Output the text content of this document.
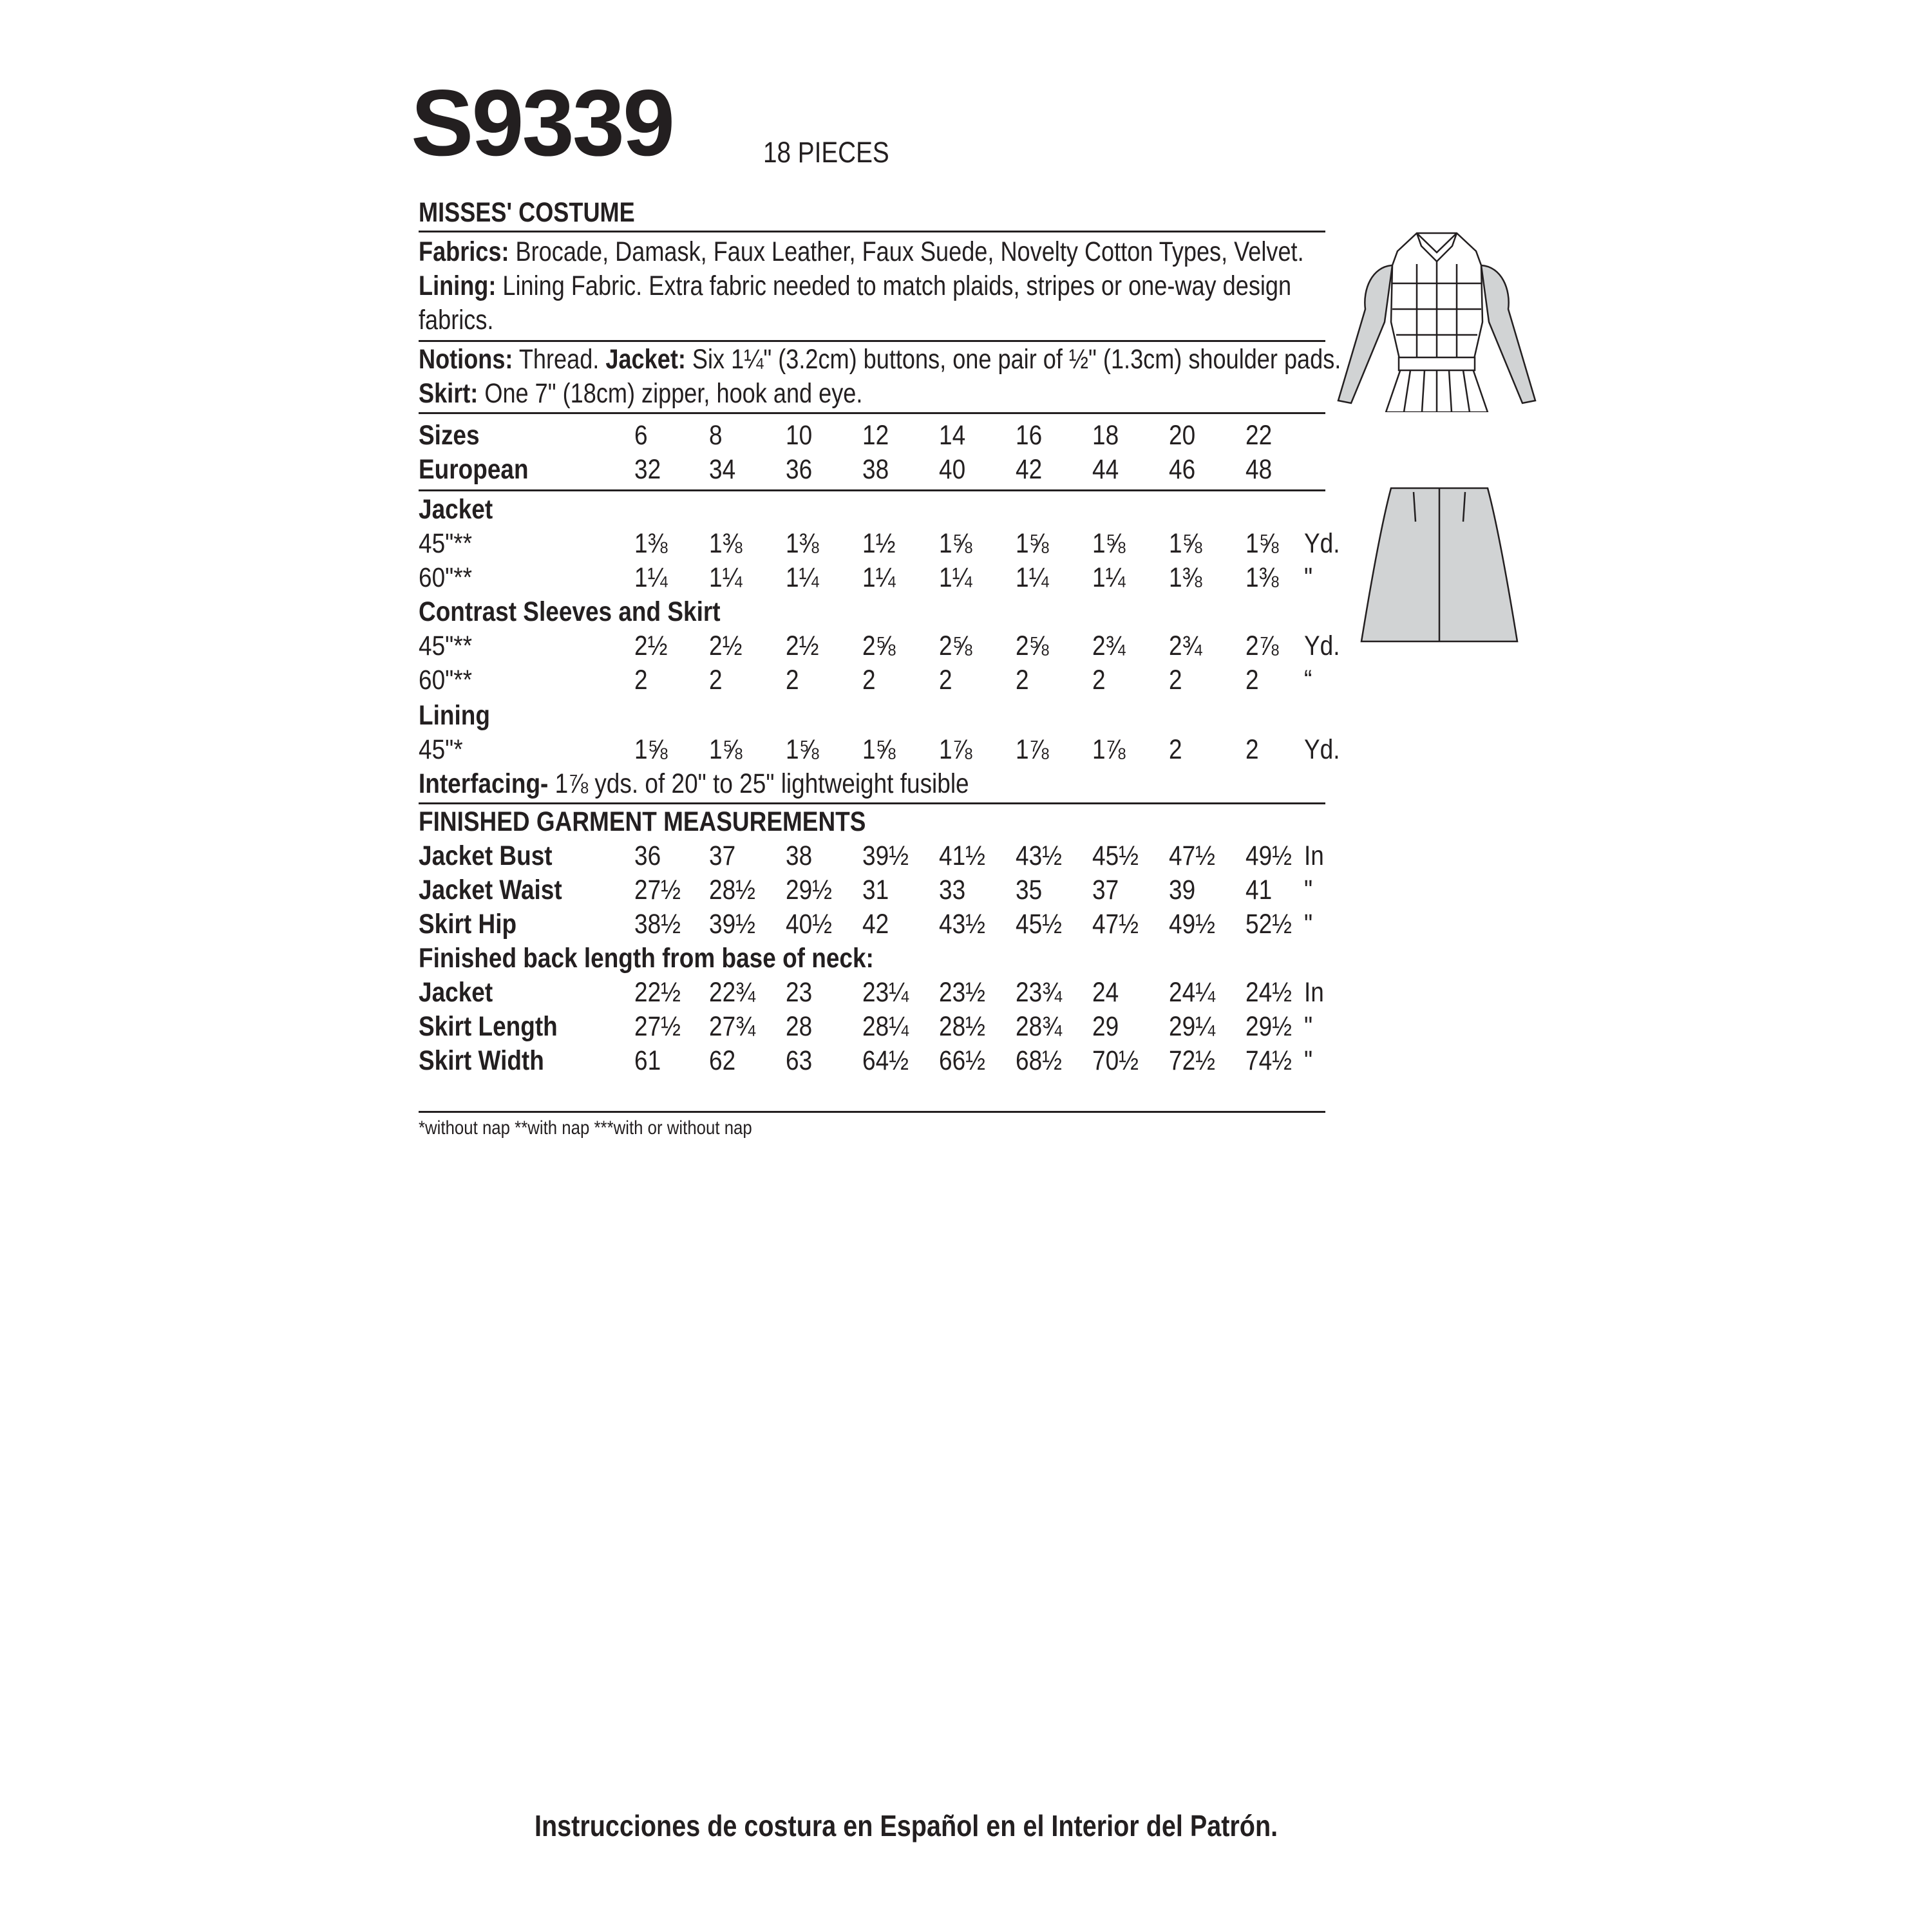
S9339	18 PIECES
MISSES' COSTUME
Fabrics: Brocade, Damask, Faux Leather, Faux Suede, Novelty Cotton Types, Velvet.
Lining: Lining Fabric. Extra fabric needed to match plaids, stripes or one-way design
fabrics.
Notions: Thread. Jacket: Six 1¼" (3.2cm) buttons, one pair of ½" (1.3cm) shoulder pads.
Skirt: One 7" (18cm) zipper, hook and eye.
Sizes	6 8 10 12 14 16 18 20 22
European	32 34 36 38 40 42 44 46 48
Jacket
45"**	1⅜ 1⅜ 1⅜ 1½ 1⅝ 1⅝ 1⅝ 1⅝ 1⅝ Yd.
60"**	1¼ 1¼ 1¼ 1¼ 1¼ 1¼ 1¼ 1⅜ 1⅜ "
Contrast Sleeves and Skirt
45"**	2½ 2½ 2½ 2⅝ 2⅝ 2⅝ 2¾ 2¾ 2⅞ Yd.
60"**	2 2 2 2 2 2 2 2 2 “
Lining
45"*	1⅝ 1⅝ 1⅝ 1⅝ 1⅞ 1⅞ 1⅞ 2 2 Yd.
Interfacing- 1⅞ yds. of 20" to 25" lightweight fusible
FINISHED GARMENT MEASUREMENTS
Jacket Bust	36 37 38 39½ 41½ 43½ 45½ 47½ 49½ In
Jacket Waist	27½ 28½ 29½ 31 33 35 37 39 41 "
Skirt Hip	38½ 39½ 40½ 42 43½ 45½ 47½ 49½ 52½ "
Finished back length from base of neck:
Jacket	22½ 22¾ 23 23¼ 23½ 23¾ 24 24¼ 24½ In
Skirt Length	27½ 27¾ 28 28¼ 28½ 28¾ 29 29¼ 29½ "
Skirt Width	61 62 63 64½ 66½ 68½ 70½ 72½ 74½ "
*without nap **with nap ***with or without nap
Instrucciones de costura en Español en el Interior del Patrón.
